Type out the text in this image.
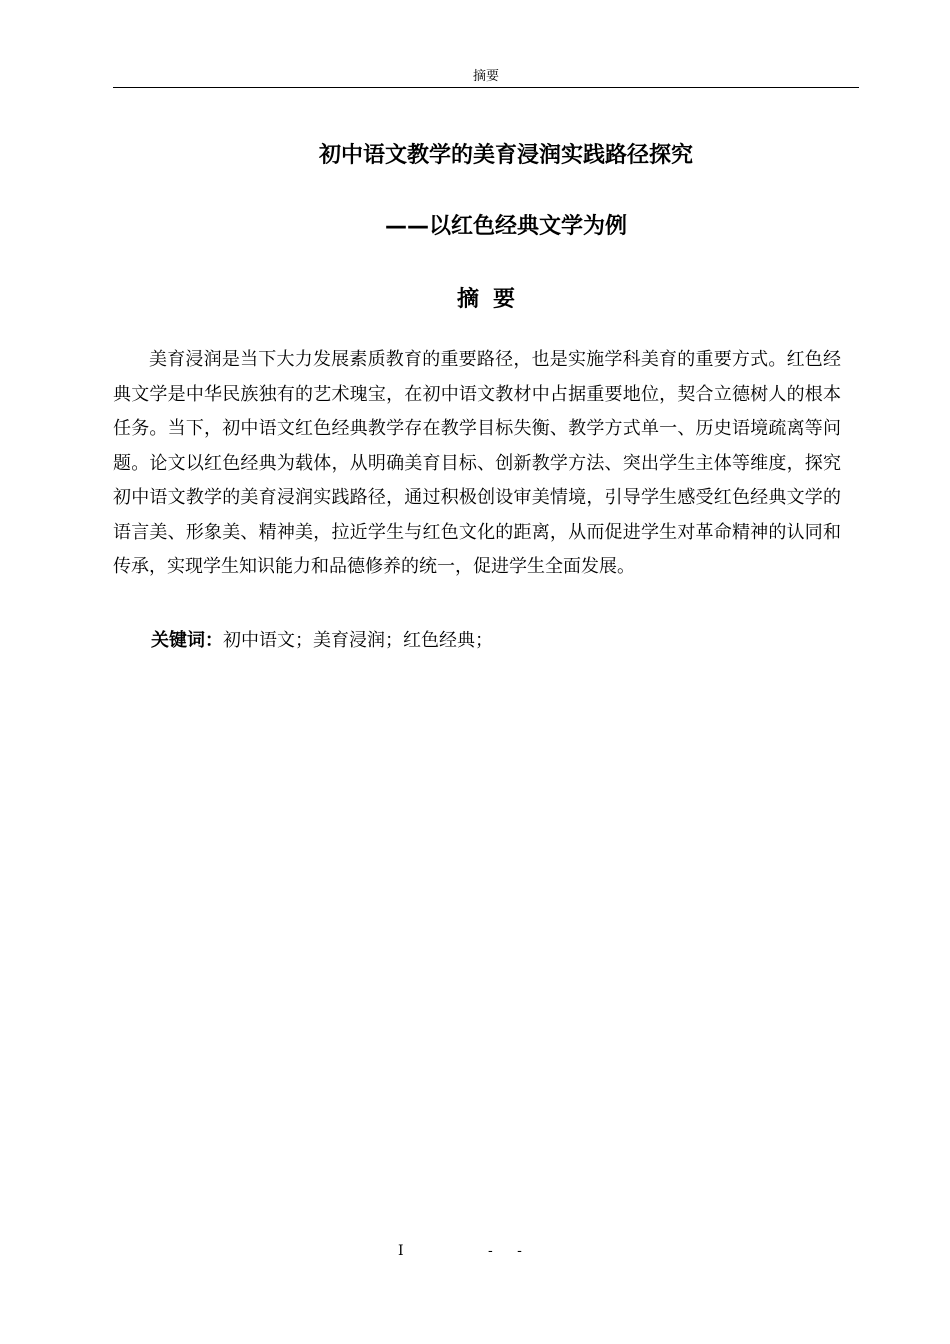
摘要
初中语文教学的美育浸润实践路径探究
——以红色经典文学为例
摘要

美育浸润是当下大力发展素质教育的重要路径，也是实施学科美育的重要方式。红色经典文学是中华民族独有的艺术瑰宝，在初中语文教材中占据重要地位，契合立德树人的根本任务。当下，初中语文红色经典教学存在教学目标失衡、教学方式单一、历史语境疏离等问题。论文以红色经典为载体，从明确美育目标、创新教学方法、突出学生主体等维度，探究初中语文教学的美育浸润实践路径，通过积极创设审美情境，引导学生感受红色经典文学的语言美、形象美、精神美，拉近学生与红色文化的距离，从而促进学生对革命精神的认同和传承，实现学生知识能力和品德修养的统一，促进学生全面发展。

关键词：初中语文；美育浸润；红色经典；

I	- -
